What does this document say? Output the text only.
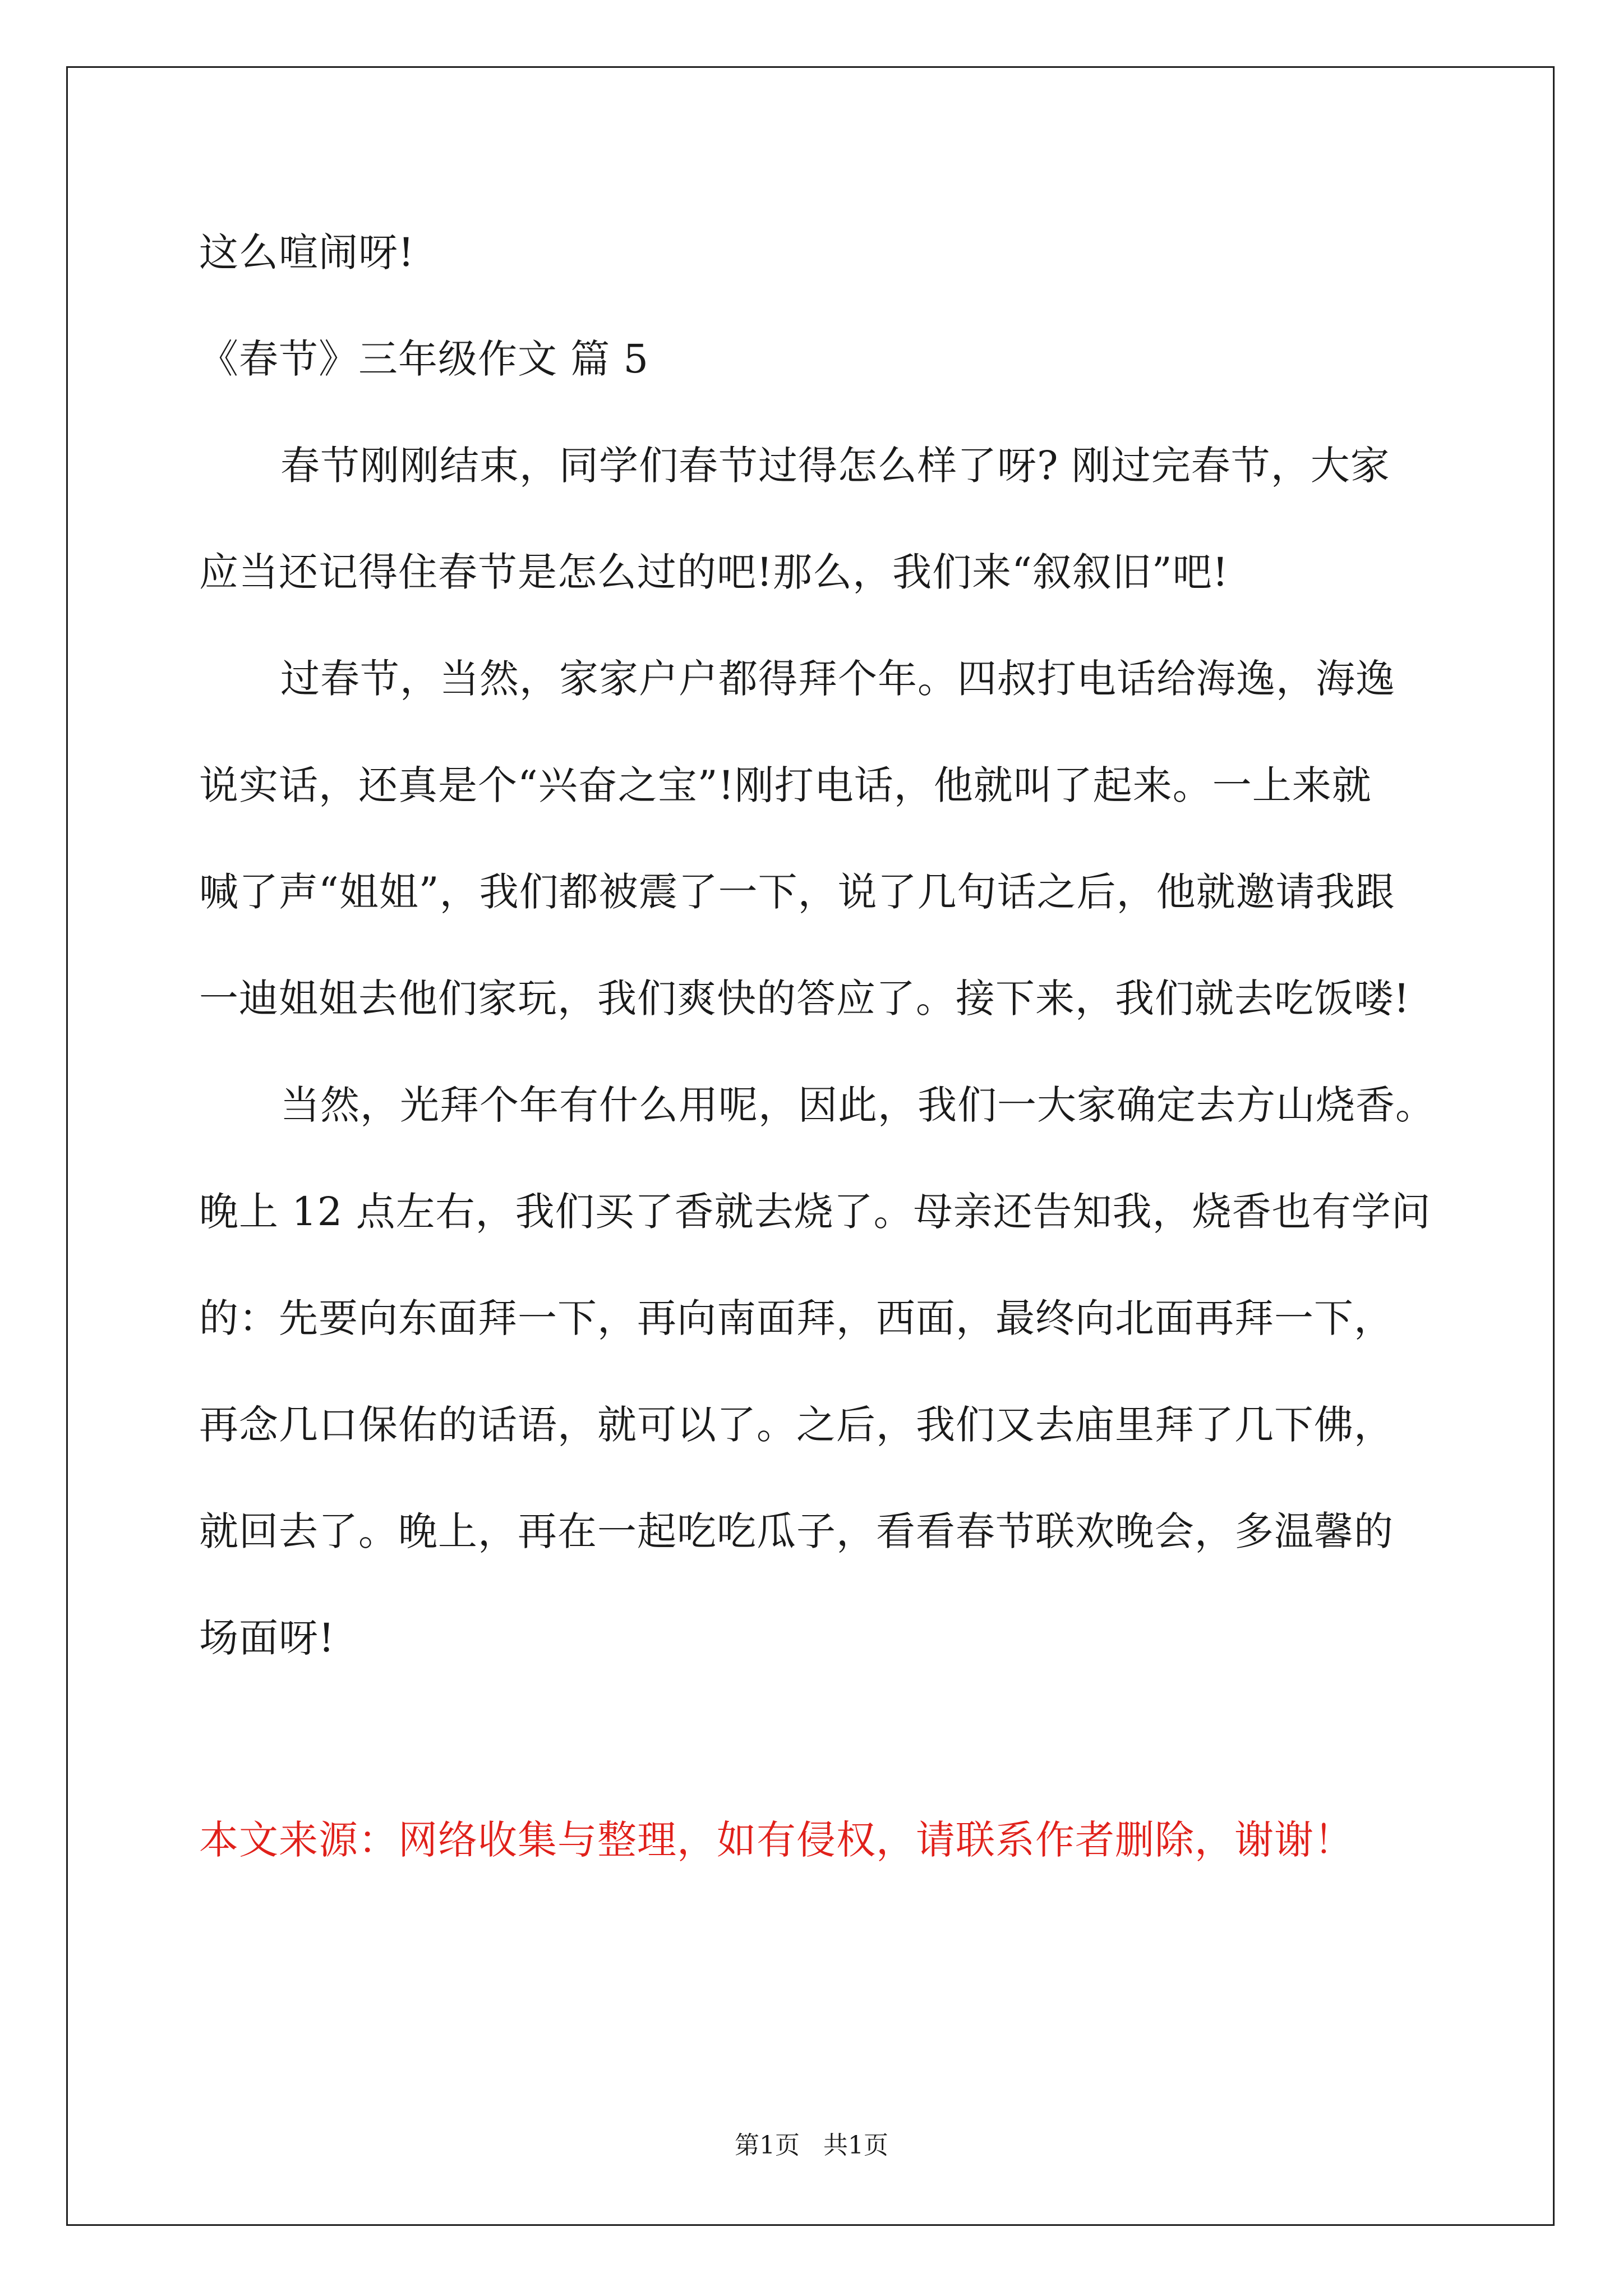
这么喧闹呀!
《春节》三年级作文 篇 5
春节刚刚结束，同学们春节过得怎么样了呀? 刚过完春节，大家
应当还记得住春节是怎么过的吧!那么，我们来“叙叙旧”吧!
过春节，当然，家家户户都得拜个年。四叔打电话给海逸，海逸
说实话，还真是个“兴奋之宝”!刚打电话，他就叫了起来。一上来就
喊了声“姐姐”，我们都被震了一下，说了几句话之后，他就邀请我跟
一迪姐姐去他们家玩，我们爽快的答应了。接下来，我们就去吃饭喽!
当然，光拜个年有什么用呢，因此，我们一大家确定去方山烧香。
晚上 12 点左右，我们买了香就去烧了。母亲还告知我，烧香也有学问
的：先要向东面拜一下，再向南面拜，西面，最终向北面再拜一下，
再念几口保佑的话语，就可以了。之后，我们又去庙里拜了几下佛，
就回去了。晚上，再在一起吃吃瓜子，看看春节联欢晚会，多温馨的
场面呀!
本文来源：网络收集与整理，如有侵权，请联系作者删除，谢谢！
第1页 共1页
